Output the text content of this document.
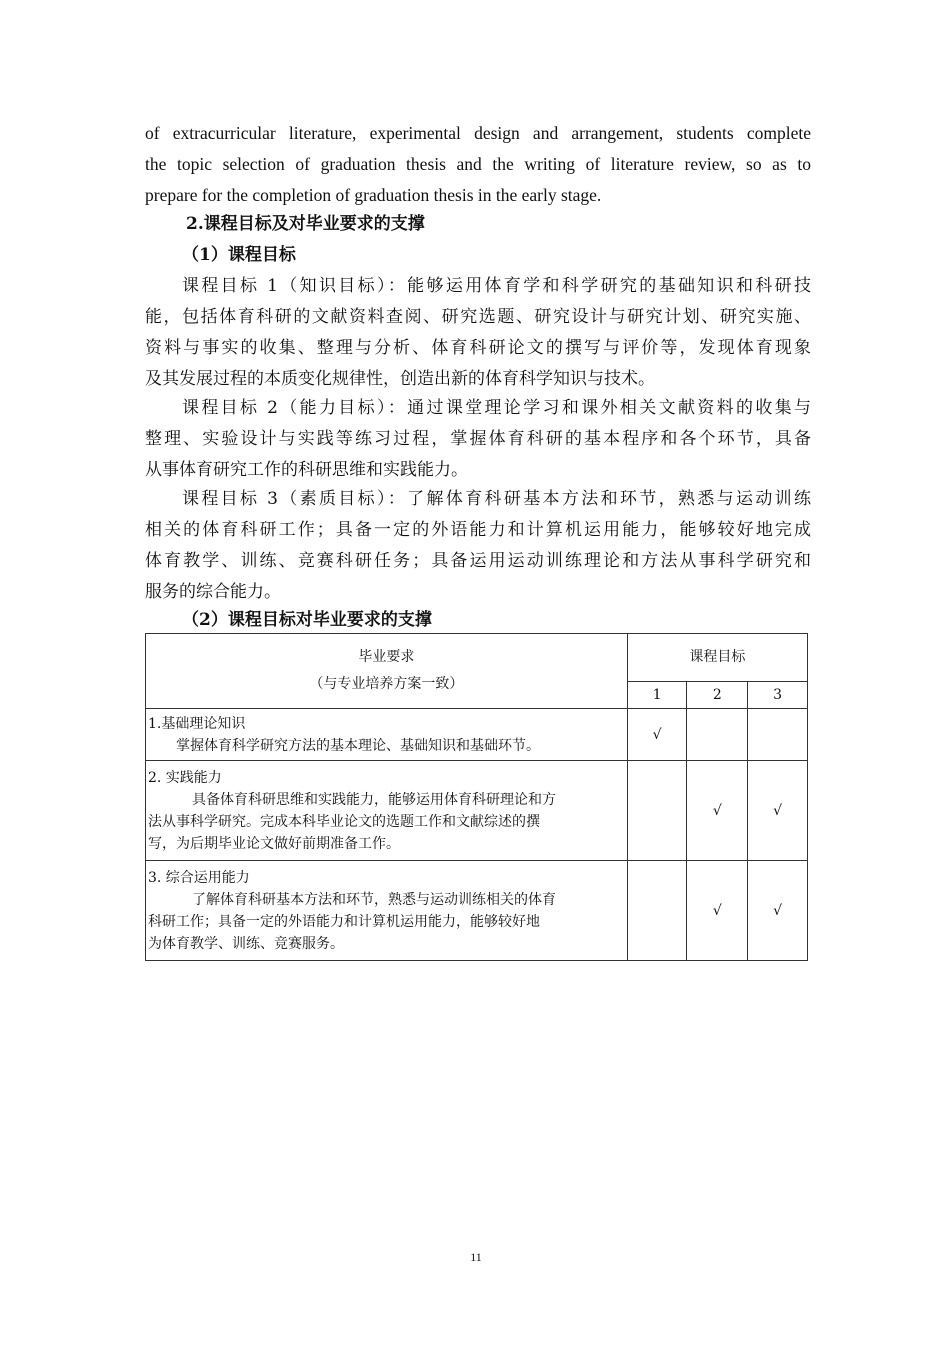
of extracurricular literature, experimental design and arrangement, students complete

the topic selection of graduation thesis and the writing of literature review, so as to

prepare for the completion of graduation thesis in the early stage.

2.课程目标及对毕业要求的支撑
（1）课程目标

课程目标 1（知识目标）：能够运用体育学和科学研究的基础知识和科研技

能，包括体育科研的文献资料查阅、研究选题、研究设计与研究计划、研究实施、

资料与事实的收集、整理与分析、体育科研论文的撰写与评价等，发现体育现象

及其发展过程的本质变化规律性，创造出新的体育科学知识与技术。

课程目标 2（能力目标）：通过课堂理论学习和课外相关文献资料的收集与

整理、实验设计与实践等练习过程，掌握体育科研的基本程序和各个环节，具备

从事体育研究工作的科研思维和实践能力。

课程目标 3（素质目标）：了解体育科研基本方法和环节，熟悉与运动训练

相关的体育科研工作；具备一定的外语能力和计算机运用能力，能够较好地完成

体育教学、训练、竞赛科研任务；具备运用运动训练理论和方法从事科学研究和

服务的综合能力。

（2）课程目标对毕业要求的支撑
毕业要求
（与专业培养方案一致）	课程目标		
	1	2	3

1.基础理论知识
掌握体育科学研究方法的基本理论、基础知识和基础环节。	√		

2. 实践能力
具备体育科研思维和实践能力，能够运用体育科研理论和方
法从事科学研究。完成本科毕业论文的选题工作和文献综述的撰
写，为后期毕业论文做好前期准备工作。		√	√

3. 综合运用能力
了解体育科研基本方法和环节，熟悉与运动训练相关的体育
科研工作；具备一定的外语能力和计算机运用能力，能够较好地
为体育教学、训练、竞赛服务。		√	√
11
